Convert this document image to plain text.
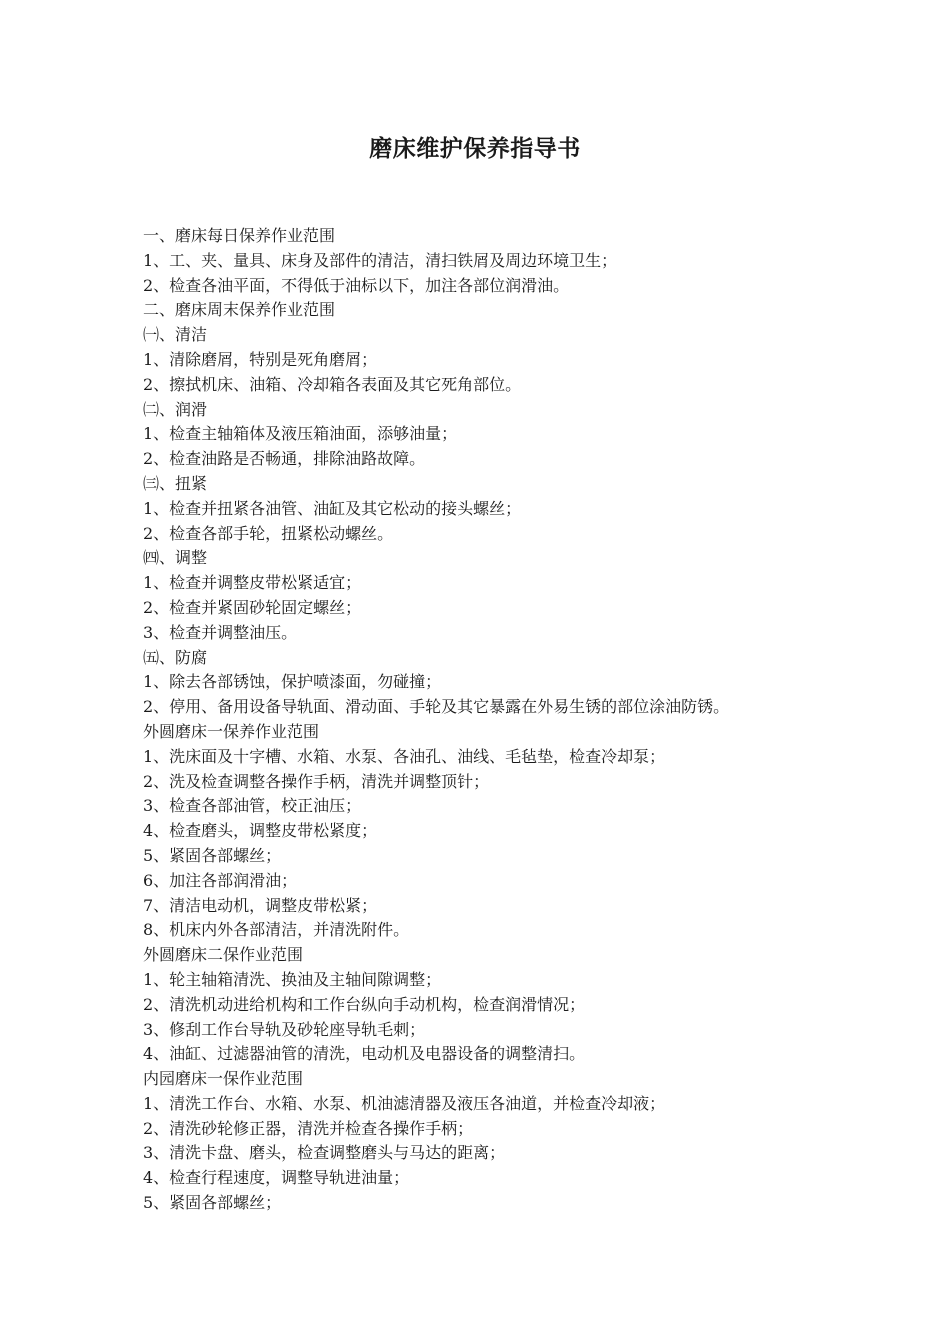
磨床维护保养指导书
一、磨床每日保养作业范围
1、工、夹、量具、床身及部件的清洁，清扫铁屑及周边环境卫生；
2、检查各油平面，不得低于油标以下，加注各部位润滑油。
二、磨床周末保养作业范围
㈠、清洁
1、清除磨屑，特别是死角磨屑；
2、擦拭机床、油箱、冷却箱各表面及其它死角部位。
㈡、润滑
1、检查主轴箱体及液压箱油面，添够油量；
2、检查油路是否畅通，排除油路故障。
㈢、扭紧
1、检查并扭紧各油管、油缸及其它松动的接头螺丝；
2、检查各部手轮，扭紧松动螺丝。
㈣、调整
1、检查并调整皮带松紧适宜；
2、检查并紧固砂轮固定螺丝；
3、检查并调整油压。
㈤、防腐
1、除去各部锈蚀，保护喷漆面，勿碰撞；
2、停用、备用设备导轨面、滑动面、手轮及其它暴露在外易生锈的部位涂油防锈。
外圆磨床一保养作业范围
1、洗床面及十字槽、水箱、水泵、各油孔、油线、毛毡垫，检查冷却泵；
2、洗及检查调整各操作手柄，清洗并调整顶针；
3、检查各部油管，校正油压；
4、检查磨头，调整皮带松紧度；
5、紧固各部螺丝；
6、加注各部润滑油；
7、清洁电动机，调整皮带松紧；
8、机床内外各部清洁，并清洗附件。
外圆磨床二保作业范围
1、轮主轴箱清洗、换油及主轴间隙调整；
2、清洗机动进给机构和工作台纵向手动机构，检查润滑情况；
3、修刮工作台导轨及砂轮座导轨毛刺；
4、油缸、过滤器油管的清洗，电动机及电器设备的调整清扫。
内园磨床一保作业范围
1、清洗工作台、水箱、水泵、机油滤清器及液压各油道，并检查冷却液；
2、清洗砂轮修正器，清洗并检查各操作手柄；
3、清洗卡盘、磨头，检查调整磨头与马达的距离；
4、检查行程速度，调整导轨进油量；
5、紧固各部螺丝；
